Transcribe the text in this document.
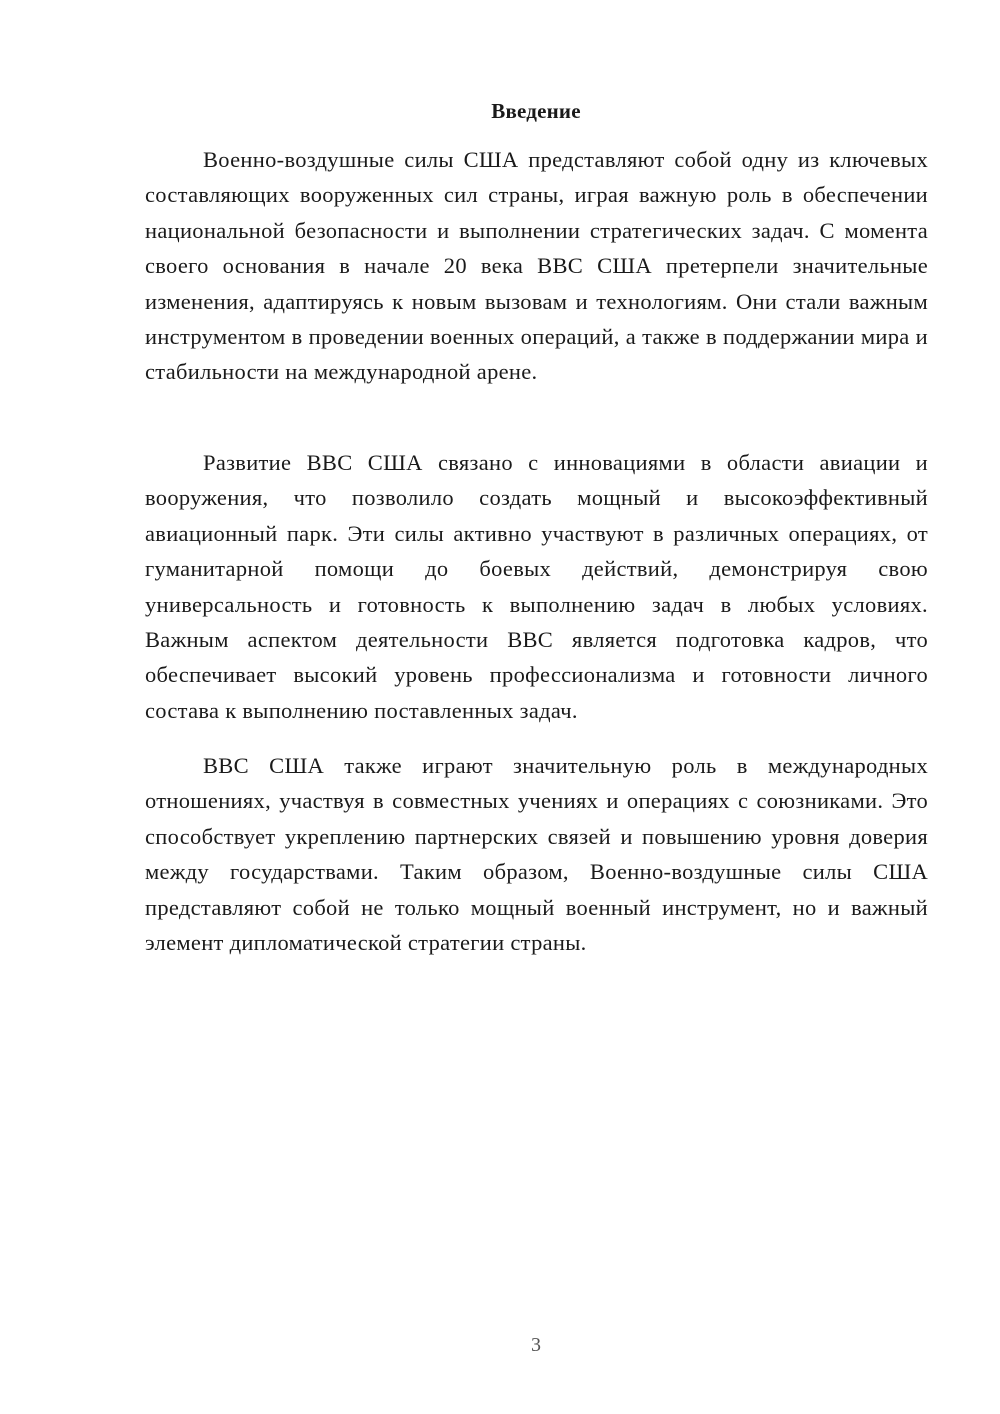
Введение

Военно-воздушные силы США представляют собой одну из ключевых составляющих вооруженных сил страны, играя важную роль в обеспечении национальной безопасности и выполнении стратегических задач. С момента своего основания в начале 20 века ВВС США претерпели значительные изменения, адаптируясь к новым вызовам и технологиям. Они стали важным инструментом в проведении военных операций, а также в поддержании мира и стабильности на международной арене.

Развитие ВВС США связано с инновациями в области авиации и вооружения, что позволило создать мощный и высокоэффективный авиационный парк. Эти силы активно участвуют в различных операциях, от гуманитарной помощи до боевых действий, демонстрируя свою универсальность и готовность к выполнению задач в любых условиях. Важным аспектом деятельности ВВС является подготовка кадров, что обеспечивает высокий уровень профессионализма и готовности личного состава к выполнению поставленных задач.

ВВС США также играют значительную роль в международных отношениях, участвуя в совместных учениях и операциях с союзниками. Это способствует укреплению партнерских связей и повышению уровня доверия между государствами. Таким образом, Военно-воздушные силы США представляют собой не только мощный военный инструмент, но и важный элемент дипломатической стратегии страны.

3
